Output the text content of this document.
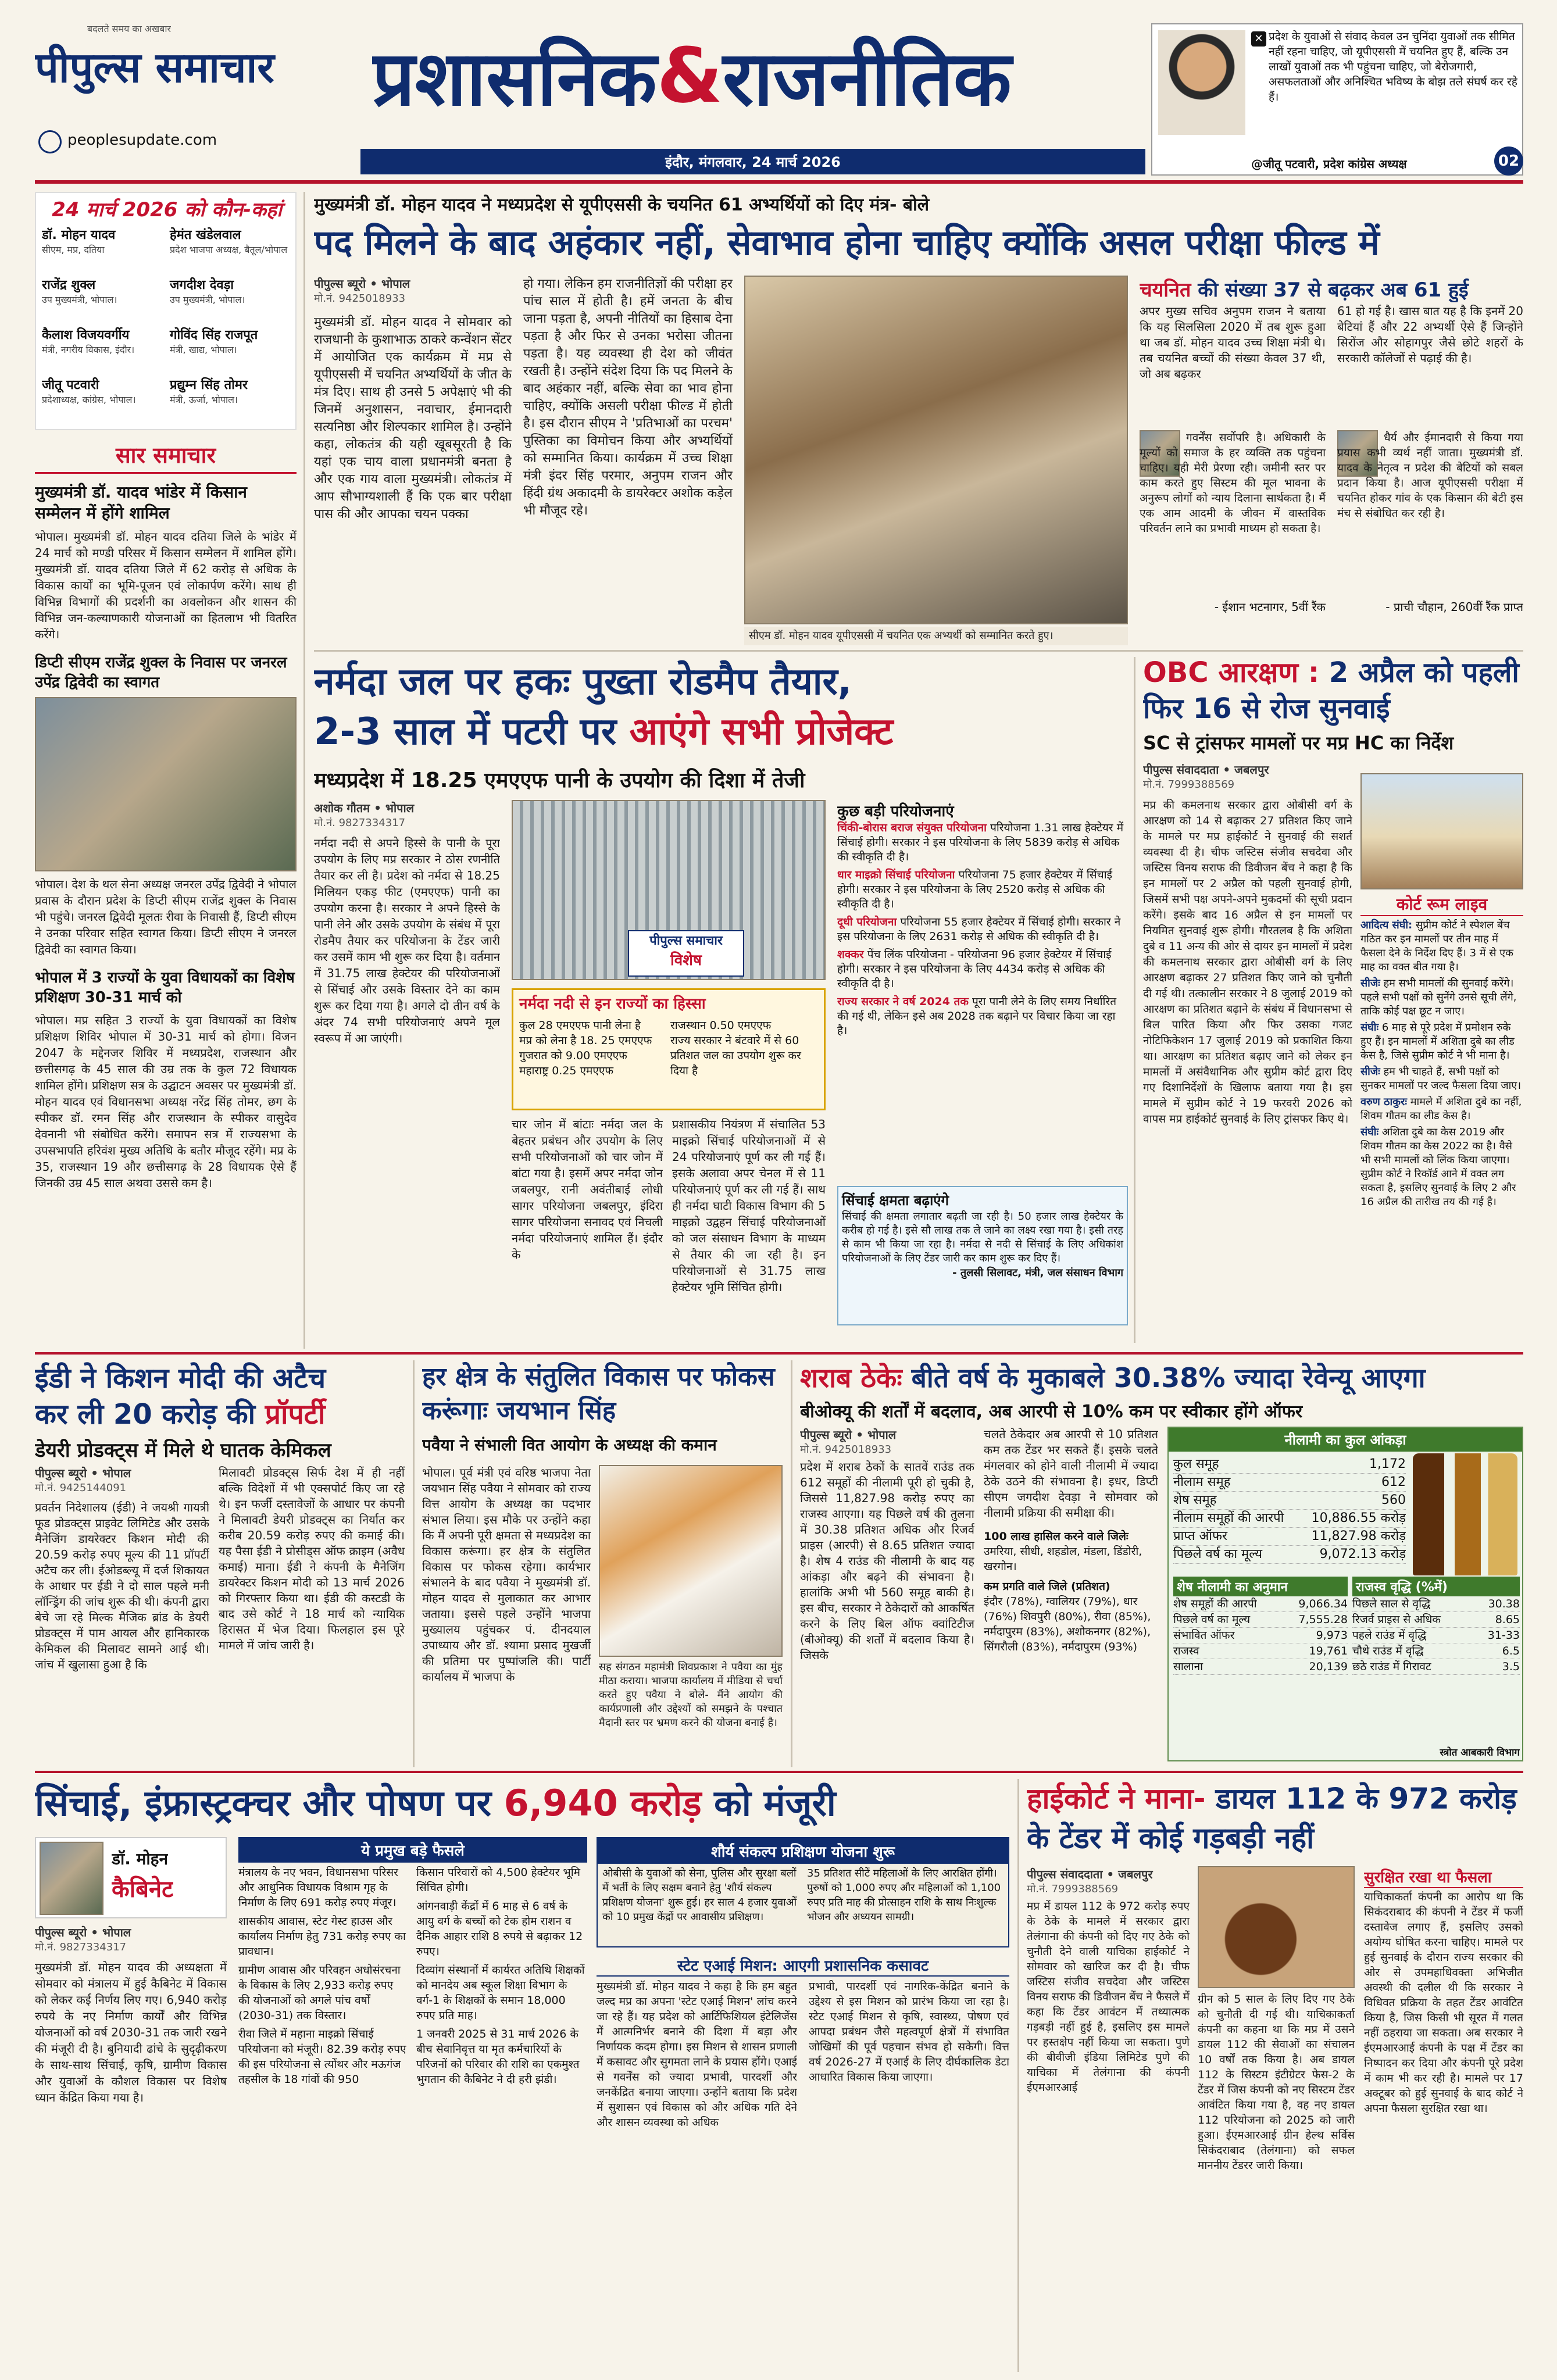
बदलते समय का अखबार
पीपुल्स समाचार
peoplesupdate.com
प्रशासनिक & राजनीतिक
इंदौर, मंगलवार, 24 मार्च 2026
✕ प्रदेश के युवाओं से संवाद केवल उन चुनिंदा युवाओं तक सीमित नहीं रहना चाहिए, जो यूपीएससी में चयनित हुए हैं, बल्कि उन लाखों युवाओं तक भी पहुंचना चाहिए, जो बेरोजगारी, असफलताओं और अनिश्चित भविष्य के बोझ तले संघर्ष कर रहे हैं।
@जीतू पटवारी, प्रदेश कांग्रेस अध्यक्ष	02
24 मार्च 2026 को कौन-कहां
डॉ. मोहन यादव
सीएम, मप्र, दतिया
हेमंत खंडेलवाल
प्रदेश भाजपा अध्यक्ष, बैतूल/भोपाल
राजेंद्र शुक्ल
उप मुख्यमंत्री, भोपाल।
जगदीश देवड़ा
उप मुख्यमंत्री, भोपाल।
कैलाश विजयवर्गीय
मंत्री, नगरीय विकास, इंदौर।
गोविंद सिंह राजपूत
मंत्री, खाद्य, भोपाल।
जीतू पटवारी
प्रदेशाध्यक्ष, कांग्रेस, भोपाल।
प्रद्युम्न सिंह तोमर
मंत्री, ऊर्जा, भोपाल।
सार समाचार
मुख्यमंत्री डॉ. यादव भांडेर में किसान सम्मेलन में होंगे शामिल
भोपाल। मुख्यमंत्री डॉ. मोहन यादव दतिया जिले के भांडेर में 24 मार्च को मण्डी परिसर में किसान सम्मेलन में शामिल होंगे। मुख्यमंत्री डॉ. यादव दतिया जिले में 62 करोड़ से अधिक के विकास कार्यों का भूमि-पूजन एवं लोकार्पण करेंगे। साथ ही विभिन्न विभागों की प्रदर्शनी का अवलोकन और शासन की विभिन्न जन-कल्याणकारी योजनाओं का हितलाभ भी वितरित करेंगे।
डिप्टी सीएम राजेंद्र शुक्ल के निवास पर जनरल उपेंद्र द्विवेदी का स्वागत
भोपाल। देश के थल सेना अध्यक्ष जनरल उपेंद्र द्विवेदी ने भोपाल प्रवास के दौरान प्रदेश के डिप्टी सीएम राजेंद्र शुक्ल के निवास भी पहुंचे। जनरल द्विवेदी मूलतः रीवा के निवासी हैं, डिप्टी सीएम ने उनका परिवार सहित स्वागत किया। डिप्टी सीएम ने जनरल द्विवेदी का स्वागत किया।
भोपाल में 3 राज्यों के युवा विधायकों का विशेष प्रशिक्षण 30-31 मार्च को
भोपाल। मप्र सहित 3 राज्यों के युवा विधायकों का विशेष प्रशिक्षण शिविर भोपाल में 30-31 मार्च को होगा। विजन 2047 के मद्देनजर शिविर में मध्यप्रदेश, राजस्थान और छत्तीसगढ़ के 45 साल की उम्र तक के कुल 72 विधायक शामिल होंगे। प्रशिक्षण सत्र के उद्घाटन अवसर पर मुख्यमंत्री डॉ. मोहन यादव एवं विधानसभा अध्यक्ष नरेंद्र सिंह तोमर, छग के स्पीकर डॉ. रमन सिंह और राजस्थान के स्पीकर वासुदेव देवनानी भी संबोधित करेंगे। समापन सत्र में राज्यसभा के उपसभापति हरिवंश मुख्य अतिथि के बतौर मौजूद रहेंगे। मप्र के 35, राजस्थान 19 और छत्तीसगढ़ के 28 विधायक ऐसे हैं जिनकी उम्र 45 साल अथवा उससे कम है।
मुख्यमंत्री डॉ. मोहन यादव ने मध्यप्रदेश से यूपीएससी के चयनित 61 अभ्यर्थियों को दिए मंत्र- बोले
पद मिलने के बाद अहंकार नहीं, सेवाभाव होना चाहिए क्योंकि असल परीक्षा फील्ड में
पीपुल्स ब्यूरो • भोपाल
मो.नं. 9425018933
मुख्यमंत्री डॉ. मोहन यादव ने सोमवार को राजधानी के कुशाभाऊ ठाकरे कन्वेंशन सेंटर में आयोजित एक कार्यक्रम में मप्र से यूपीएससी में चयनित अभ्यर्थियों के जीत के मंत्र दिए। साथ ही उनसे 5 अपेक्षाएं भी की जिनमें अनुशासन, नवाचार, ईमानदारी सत्यनिष्ठा और शिल्पकार शामिल है। उन्होंने कहा, लोकतंत्र की यही खूबसूरती है कि यहां एक चाय वाला प्रधानमंत्री बनता है और एक गाय वाला मुख्यमंत्री। लोकतंत्र में आप सौभाग्यशाली हैं कि एक बार परीक्षा पास की और आपका चयन पक्का
हो गया। लेकिन हम राजनीतिज्ञों की परीक्षा हर पांच साल में होती है। हमें जनता के बीच जाना पड़ता है, अपनी नीतियों का हिसाब देना पड़ता है और फिर से उनका भरोसा जीतना पड़ता है। यह व्यवस्था ही देश को जीवंत रखती है। उन्होंने संदेश दिया कि पद मिलने के बाद अहंकार नहीं, बल्कि सेवा का भाव होना चाहिए, क्योंकि असली परीक्षा फील्ड में होती है। इस दौरान सीएम ने 'प्रतिभाओं का परचम' पुस्तिका का विमोचन किया और अभ्यर्थियों को सम्मानित किया। कार्यक्रम में उच्च शिक्षा मंत्री इंदर सिंह परमार, अनुपम राजन और हिंदी ग्रंथ अकादमी के डायरेक्टर अशोक कड़ेल भी मौजूद रहे।
सीएम डॉ. मोहन यादव यूपीएससी में चयनित एक अभ्यर्थी को सम्मानित करते हुए।
चयनित की संख्या 37 से बढ़कर अब 61 हुई
अपर मुख्य सचिव अनुपम राजन ने बताया कि यह सिलसिला 2020 में तब शुरू हुआ था जब डॉ. मोहन यादव उच्च शिक्षा मंत्री थे। तब चयनित बच्चों की संख्या केवल 37 थी, जो अब बढ़कर
61 हो गई है। खास बात यह है कि इनमें 20 बेटियां हैं और 22 अभ्यर्थी ऐसे हैं जिन्होंने सिरोंज और सोहागपुर जैसे छोटे शहरों के सरकारी कॉलेजों से पढ़ाई की है।
गवर्नेंस सर्वोपरि है। अधिकारी के मूल्यों को समाज के हर व्यक्ति तक पहुंचना चाहिए। यही मेरी प्रेरणा रही। जमीनी स्तर पर काम करते हुए सिस्टम की मूल भावना के अनुरूप लोगों को न्याय दिलाना सार्थकता है। मैं एक आम आदमी के जीवन में वास्तविक परिवर्तन लाने का प्रभावी माध्यम हो सकता है।
- ईशान भटनागर, 5वीं रैंक
धैर्य और ईमानदारी से किया गया प्रयास कभी व्यर्थ नहीं जाता। मुख्यमंत्री डॉ. यादव के नेतृत्व न प्रदेश की बेटियों को सबल प्रदान किया है। आज यूपीएससी परीक्षा में चयनित होकर गांव के एक किसान की बेटी इस मंच से संबोधित कर रही है।
- प्राची चौहान, 260वीं रैंक प्राप्त
नर्मदा जल पर हकः पुख्ता रोडमैप तैयार,
2-3 साल में पटरी पर आएंगे सभी प्रोजेक्ट
मध्यप्रदेश में 18.25 एमएएफ पानी के उपयोग की दिशा में तेजी
अशोक गौतम • भोपाल
मो.नं. 9827334317
नर्मदा नदी से अपने हिस्से के पानी के पूरा उपयोग के लिए मप्र सरकार ने ठोस रणनीति तैयार कर ली है। प्रदेश को नर्मदा से 18.25 मिलियन एकड़ फीट (एमएएफ) पानी का उपयोग करना है। सरकार ने अपने हिस्से के पानी लेने और उसके उपयोग के संबंध में पूरा रोडमैप तैयार कर परियोजना के टेंडर जारी कर उसमें काम भी शुरू कर दिया है। वर्तमान में 31.75 लाख हेक्टेयर की परियोजनाओं से सिंचाई और उसके विस्तार देने का काम शुरू कर दिया गया है। अगले दो तीन वर्ष के अंदर 74 सभी परियोजनाएं अपने मूल स्वरूप में आ जाएंगी।
पीपुल्स समाचार
विशेष
नर्मदा नदी से इन राज्यों का हिस्सा
कुल 28 एमएएफ पानी लेना है
मप्र को लेना है 18. 25 एमएएफ
गुजरात को 9.00 एमएएफ
महाराष्ट्र 0.25 एमएएफ
राजस्थान 0.50 एमएएफ
राज्य सरकार ने बंटवारे में से 60 प्रतिशत जल का उपयोग शुरू कर दिया है
चार जोन में बांटाः नर्मदा जल के बेहतर प्रबंधन और उपयोग के लिए सभी परियोजनाओं को चार जोन में बांटा गया है। इसमें अपर नर्मदा जोन जबलपुर, रानी अवंतीबाई लोधी सागर परियोजना जबलपुर, इंदिरा सागर परियोजना सनावद एवं निचली नर्मदा परियोजनाएं शामिल हैं। इंदौर के
प्रशासकीय नियंत्रण में संचालित 53 माइक्रो सिंचाई परियोजनाओं में से 24 परियोजनाएं पूर्ण कर ली गई हैं। इसके अलावा अपर चेनल में से 11 परियोजनाएं पूर्ण कर ली गई हैं। साथ ही नर्मदा घाटी विकास विभाग की 5 माइक्रो उद्वहन सिंचाई परियोजनाओं को जल संसाधन विभाग के माध्यम से तैयार की जा रही है। इन परियोजनाओं से 31.75 लाख हेक्टेयर भूमि सिंचित होगी।
कुछ बड़ी परियोजनाएं
चिंकी-बोरास बराज संयुक्त परियोजना परियोजना 1.31 लाख हेक्टेयर में सिंचाई होगी। सरकार ने इस परियोजना के लिए 5839 करोड़ से अधिक की स्वीकृति दी है।
धार माइक्रो सिंचाई परियोजना परियोजना 75 हजार हेक्टेयर में सिंचाई होगी। सरकार ने इस परियोजना के लिए 2520 करोड़ से अधिक की स्वीकृति दी है।
दूधी परियोजना परियोजना 55 हजार हेक्टेयर में सिंचाई होगी। सरकार ने इस परियोजना के लिए 2631 करोड़ से अधिक की स्वीकृति दी है।
शक्कर पेंच लिंक परियोजना - परियोजना 96 हजार हेक्टेयर में सिंचाई होगी। सरकार ने इस परियोजना के लिए 4434 करोड़ से अधिक की स्वीकृति दी है।
राज्य सरकार ने वर्ष 2024 तक पूरा पानी लेने के लिए समय निर्धारित की गई थी, लेकिन इसे अब 2028 तक बढ़ाने पर विचार किया जा रहा है।
सिंचाई क्षमता बढ़ाएंगे
सिंचाई की क्षमता लगातार बढ़ती जा रही है। 50 हजार लाख हेक्टेयर के करीब हो गई है। इसे सौ लाख तक ले जाने का लक्ष्य रखा गया है। इसी तरह से काम भी किया जा रहा है। नर्मदा से नदी से सिंचाई के लिए अधिकांश परियोजनाओं के लिए टेंडर जारी कर काम शुरू कर दिए हैं।
- तुलसी सिलावट, मंत्री, जल संसाधन विभाग
OBC आरक्षण : 2 अप्रैल को पहली फिर 16 से रोज सुनवाई
SC से ट्रांसफर मामलों पर मप्र HC का निर्देश
पीपुल्स संवाददाता • जबलपुर
मो.नं. 7999388569
मप्र की कमलनाथ सरकार द्वारा ओबीसी वर्ग के आरक्षण को 14 से बढ़ाकर 27 प्रतिशत किए जाने के मामले पर मप्र हाईकोर्ट ने सुनवाई की सशर्त व्यवस्था दी है। चीफ जस्टिस संजीव सचदेवा और जस्टिस विनय सराफ की डिवीजन बेंच ने कहा है कि इन मामलों पर 2 अप्रैल को पहली सुनवाई होगी, जिसमें सभी पक्ष अपने-अपने मुकदमों की सूची प्रदान करेंगे। इसके बाद 16 अप्रैल से इन मामलों पर नियमित सुनवाई शुरू होगी। गौरतलब है कि अशिता दुबे व 11 अन्य की ओर से दायर इन मामलों में प्रदेश की कमलनाथ सरकार द्वारा ओबीसी वर्ग के लिए आरक्षण बढ़ाकर 27 प्रतिशत किए जाने को चुनौती दी गई थी। तत्कालीन सरकार ने 8 जुलाई 2019 को आरक्षण का प्रतिशत बढ़ाने के संबंध में विधानसभा से बिल पारित किया और फिर उसका गजट नोटिफिकेशन 17 जुलाई 2019 को प्रकाशित किया था। आरक्षण का प्रतिशत बढ़ाए जाने को लेकर इन मामलों में असंवैधानिक और सुप्रीम कोर्ट द्वारा दिए गए दिशानिर्देशों के खिलाफ बताया गया है। इस मामले में सुप्रीम कोर्ट ने 19 फरवरी 2026 को वापस मप्र हाईकोर्ट सुनवाई के लिए ट्रांसफर किए थे।
कोर्ट रूम लाइव
आदित्य संघी: सुप्रीम कोर्ट ने स्पेशल बेंच गठित कर इन मामलों पर तीन माह में फैसला देने के निर्देश दिए हैं। 3 में से एक माह का वक्त बीत गया है।
सीजेः हम सभी मामलों की सुनवाई करेंगे। पहले सभी पक्षों को सुनेंगे उनसे सूची लेंगे, ताकि कोई पक्ष छूट न जाए।
संघीः 6 माह से पूरे प्रदेश में प्रमोशन रुके हुए हैं। इन मामलों में अशिता दुबे का लीड केस है, जिसे सुप्रीम कोर्ट ने भी माना है।
सीजेः हम भी चाहते हैं, सभी पक्षों को सुनकर मामलों पर जल्द फैसला दिया जाए।
वरुण ठाकुरः मामले में अशिता दुबे का नहीं, शिवम गौतम का लीड केस है।
संघीः अशिता दुबे का केस 2019 और शिवम गौतम का केस 2022 का है। वैसे भी सभी मामलों को लिंक किया जाएगा। सुप्रीम कोर्ट ने रिकॉर्ड आने में वक्त लग सकता है, इसलिए सुनवाई के लिए 2 और 16 अप्रैल की तारीख तय की गई है।
ईडी ने किशन मोदी की अटैच
कर ली 20 करोड़ की प्रॉपर्टी
डेयरी प्रोडक्ट्स में मिले थे घातक केमिकल
पीपुल्स ब्यूरो • भोपाल
मो.नं. 9425144091
प्रवर्तन निदेशालय (ईडी) ने जयश्री गायत्री फूड प्रोडक्ट्स प्राइवेट लिमिटेड और उसके मैनेजिंग डायरेक्टर किशन मोदी की 20.59 करोड़ रुपए मूल्य की 11 प्रॉपर्टी अटैच कर ली। ईओडब्ल्यू में दर्ज शिकायत के आधार पर ईडी ने दो साल पहले मनी लॉन्ड्रिंग की जांच शुरू की थी। कंपनी द्वारा बेचे जा रहे मिल्क मैजिक ब्रांड के डेयरी प्रोडक्ट्स में पाम आयल और हानिकारक केमिकल की मिलावट सामने आई थी। जांच में खुलासा हुआ है कि
मिलावटी प्रोडक्ट्स सिर्फ देश में ही नहीं बल्कि विदेशों में भी एक्सपोर्ट किए जा रहे थे। इन फर्जी दस्तावेजों के आधार पर कंपनी ने मिलावटी डेयरी प्रोडक्ट्स का निर्यात कर करीब 20.59 करोड़ रुपए की कमाई की। यह पैसा ईडी ने प्रोसीड्स ऑफ क्राइम (अवैध कमाई) माना। ईडी ने कंपनी के मैनेजिंग डायरेक्टर किशन मोदी को 13 मार्च 2026 को गिरफ्तार किया था। ईडी की कस्टडी के बाद उसे कोर्ट ने 18 मार्च को न्यायिक हिरासत में भेज दिया। फिलहाल इस पूरे मामले में जांच जारी है।
हर क्षेत्र के संतुलित विकास पर फोकस करूंगाः जयभान सिंह
पवैया ने संभाली वित आयोग के अध्यक्ष की कमान
भोपाल। पूर्व मंत्री एवं वरिष्ठ भाजपा नेता जयभान सिंह पवैया ने सोमवार को राज्य वित्त आयोग के अध्यक्ष का पदभार संभाल लिया। इस मौके पर उन्होंने कहा कि मैं अपनी पूरी क्षमता से मध्यप्रदेश का विकास करूंगा। हर क्षेत्र के संतुलित विकास पर फोकस रहेगा। कार्यभार संभालने के बाद पवैया ने मुख्यमंत्री डॉ. मोहन यादव से मुलाकात कर आभार जताया। इससे पहले उन्होंने भाजपा मुख्यालय पहुंचकर पं. दीनदयाल उपाध्याय और डॉ. श्यामा प्रसाद मुखर्जी की प्रतिमा पर पुष्पांजलि की। पार्टी कार्यालय में भाजपा के
सह संगठन महामंत्री शिवप्रकाश ने पवैया का मुंह मीठा कराया। भाजपा कार्यालय में मीडिया से चर्चा करते हुए पवैया ने बोले- मैंने आयोग की कार्यप्रणाली और उद्देश्यों को समझने के पश्चात मैदानी स्तर पर भ्रमण करने की योजना बनाई है।
शराब ठेकेः बीते वर्ष के मुकाबले 30.38% ज्यादा रेवेन्यू आएगा
बीओक्यू की शर्तों में बदलाव, अब आरपी से 10% कम पर स्वीकार होंगे ऑफर
पीपुल्स ब्यूरो • भोपाल
मो.नं. 9425018933
प्रदेश में शराब ठेकों के सातवें राउंड तक 612 समूहों की नीलामी पूरी हो चुकी है, जिससे 11,827.98 करोड़ रुपए का राजस्व आएगा। यह पिछले वर्ष की तुलना में 30.38 प्रतिशत अधिक और रिजर्व प्राइस (आरपी) से 8.65 प्रतिशत ज्यादा है। शेष 4 राउंड की नीलामी के बाद यह आंकड़ा और बढ़ने की संभावना है। हालांकि अभी भी 560 समूह बाकी है। इस बीच, सरकार ने ठेकेदारों को आकर्षित करने के लिए बिल ऑफ क्वांटिटीज (बीओक्यू) की शर्तों में बदलाव किया है। जिसके
चलते ठेकेदार अब आरपी से 10 प्रतिशत कम तक टेंडर भर सकते हैं। इसके चलते मंगलवार को होने वाली नीलामी में ज्यादा ठेके उठने की संभावना है। इधर, डिप्टी सीएम जगदीश देवड़ा ने सोमवार को नीलामी प्रक्रिया की समीक्षा की।
100 लाख हासिल करने वाले जिलेः
उमरिया, सीधी, शहडोल, मंडला, डिंडोरी, खरगोन।
कम प्रगति वाले जिले (प्रतिशत)
इंदौर (78%), ग्वालियर (79%), धार (76%) शिवपुरी (80%), रीवा (85%), नर्मदापुरम (83%), अशोकनगर (82%), सिंगरौली (83%), नर्मदापुरम (93%)
नीलामी का कुल आंकड़ा
कुल समूह	1,172
नीलाम समूह	612
शेष समूह	560
नीलाम समूहों की आरपी 10,886.55 करोड़
प्राप्त ऑफर	11,827.98 करोड़
पिछले वर्ष का मूल्य	9,072.13 करोड़
शेष नीलामी का अनुमान
शेष समूहों की आरपी	9,066.34
पिछले वर्ष का मूल्य	7,555.28
संभावित ऑफर	9,973
राजस्व	19,761
सालाना	20,139
राजस्व वृद्धि (%में)
पिछले साल से वृद्धि	30.38
रिजर्व प्राइस से अधिक	8.65
पहले राउंड में वृद्धि	31-33
चौथे राउंड में वृद्धि	6.5
छठे राउंड में गिरावट	3.5
स्त्रोत आबकारी विभाग
सिंचाई, इंफ्रास्ट्रक्चर और पोषण पर 6,940 करोड़ को मंजूरी
डॉ. मोहन
कैबिनेट
पीपुल्स ब्यूरो • भोपाल
मो.नं. 9827334317
मुख्यमंत्री डॉ. मोहन यादव की अध्यक्षता में सोमवार को मंत्रालय में हुई कैबिनेट में विकास को लेकर कई निर्णय लिए गए। 6,940 करोड़ रुपये के नए निर्माण कार्यों और विभिन्न योजनाओं को वर्ष 2030-31 तक जारी रखने की मंजूरी दी है। बुनियादी ढांचे के सुदृढ़ीकरण के साथ-साथ सिंचाई, कृषि, ग्रामीण विकास और युवाओं के कौशल विकास पर विशेष ध्यान केंद्रित किया गया है।
ये प्रमुख बड़े फैसले
मंत्रालय के नए भवन, विधानसभा परिसर और आधुनिक विधायक विश्राम गृह के निर्माण के लिए 691 करोड़ रुपए मंजूर।
शासकीय आवास, स्टेट गेस्ट हाउस और कार्यालय निर्माण हेतु 731 करोड़ रुपए का प्रावधान।
ग्रामीण आवास और परिवहन अधोसंरचना के विकास के लिए 2,933 करोड़ रुपए की योजनाओं को अगले पांच वर्षों (2030-31) तक विस्तार।
रीवा जिले में महाना माइक्रो सिंचाई परियोजना को मंजूरी। 82.39 करोड़ रुपए की इस परियोजना से त्योंथर और मऊगंज तहसील के 18 गांवों की 950
किसान परिवारों को 4,500 हेक्टेयर भूमि सिंचित होगी।
आंगनवाड़ी केंद्रों में 6 माह से 6 वर्ष के आयु वर्ग के बच्चों को टेक होम राशन व दैनिक आहार राशि 8 रुपये से बढ़ाकर 12 रुपए।
दिव्यांग संस्थानों में कार्यरत अतिथि शिक्षकों को मानदेय अब स्कूल शिक्षा विभाग के वर्ग-1 के शिक्षकों के समान 18,000 रुपए प्रति माह।
1 जनवरी 2025 से 31 मार्च 2026 के बीच सेवानिवृत्त या मृत कर्मचारियों के परिजनों को परिवार की राशि का एकमुश्त भुगतान की कैबिनेट ने दी हरी झंडी।
शौर्य संकल्प प्रशिक्षण योजना शुरू
ओबीसी के युवाओं को सेना, पुलिस और सुरक्षा बलों में भर्ती के लिए सक्षम बनाने हेतु 'शौर्य संकल्प प्रशिक्षण योजना' शुरू हुई। हर साल 4 हजार युवाओं को 10 प्रमुख केंद्रों पर आवासीय प्रशिक्षण।
35 प्रतिशत सीटें महिलाओं के लिए आरक्षित होंगी। पुरुषों को 1,000 रुपए और महिलाओं को 1,100 रुपए प्रति माह की प्रोत्साहन राशि के साथ निःशुल्क भोजन और अध्ययन सामग्री।
स्टेट एआई मिशन: आएगी प्रशासनिक कसावट
मुख्यमंत्री डॉ. मोहन यादव ने कहा है कि हम बहुत जल्द मप्र का अपना 'स्टेट एआई मिशन' लांच करने जा रहे हैं। यह प्रदेश को आर्टिफिशियल इंटेलिजेंस में आत्मनिर्भर बनाने की दिशा में बड़ा और निर्णायक कदम होगा। इस मिशन से शासन प्रणाली में कसावट और सुगमता लाने के प्रयास होंगे। एआई से गवर्नेंस को ज्यादा प्रभावी, पारदर्शी और जनकेंद्रित बनाया जाएगा। उन्होंने बताया कि प्रदेश में सुशासन एवं विकास को और अधिक गति देने और शासन व्यवस्था को अधिक
प्रभावी, पारदर्शी एवं नागरिक-केंद्रित बनाने के उद्देश्य से इस मिशन को प्रारंभ किया जा रहा है। स्टेट एआई मिशन से कृषि, स्वास्थ्य, पोषण एवं आपदा प्रबंधन जैसे महत्वपूर्ण क्षेत्रों में संभावित जोखिमों की पूर्व पहचान संभव हो सकेगी। वित्त वर्ष 2026-27 में एआई के लिए दीर्घकालिक डेटा आधारित विकास किया जाएगा।
हाईकोर्ट ने माना- डायल 112 के 972 करोड़ के टेंडर में कोई गड़बड़ी नहीं
पीपुल्स संवाददाता • जबलपुर
मो.नं. 7999388569
मप्र में डायल 112 के 972 करोड़ रुपए के ठेके के मामले में सरकार द्वारा तेलंगाना की कंपनी को दिए गए ठेके को चुनौती देने वाली याचिका हाईकोर्ट ने सोमवार को खारिज कर दी है। चीफ जस्टिस संजीव सचदेवा और जस्टिस विनय सराफ की डिवीजन बेंच ने फैसले में कहा कि टेंडर आवंटन में तथ्यात्मक गड़बड़ी नहीं हुई है, इसलिए इस मामले पर हस्तक्षेप नहीं किया जा सकता। पुणे की बीवीजी इंडिया लिमिटेड पुणे की याचिका में तेलंगाना की कंपनी ईएमआरआई
ग्रीन को 5 साल के लिए दिए गए ठेके को चुनौती दी गई थी। याचिकाकर्ता कंपनी का कहना था कि मप्र में उसने डायल 112 की सेवाओं का संचालन 10 वर्षों तक किया है। अब डायल 112 के सिस्टम इंटीग्रेटर फेस-2 के टेंडर में जिस कंपनी को नए सिस्टम टेंडर आवंटित किया गया है, वह नए डायल 112 परियोजना को 2025 को जारी हुआ। ईएमआरआई ग्रीन हेल्थ सर्विस सिकंदराबाद (तेलंगाना) को सफल माननीय टेंडरर जारी किया।
सुरक्षित रखा था फैसला
याचिकाकर्ता कंपनी का आरोप था कि सिकंदराबाद की कंपनी ने टेंडर में फर्जी दस्तावेज लगाए हैं, इसलिए उसको अयोग्य घोषित करना चाहिए। मामले पर हुई सुनवाई के दौरान राज्य सरकार की ओर से उपमहाधिवक्ता अभिजीत अवस्थी की दलील थी कि सरकार ने विधिवत प्रक्रिया के तहत टेंडर आवंटित किया है, जिस किसी भी सूरत में गलत नहीं ठहराया जा सकता। अब सरकार ने ईएमआरआई कंपनी के पक्ष में टेंडर का निष्पादन कर दिया और कंपनी पूरे प्रदेश में काम भी कर रही है। मामले पर 17 अक्टूबर को हुई सुनवाई के बाद कोर्ट ने अपना फैसला सुरक्षित रखा था।
